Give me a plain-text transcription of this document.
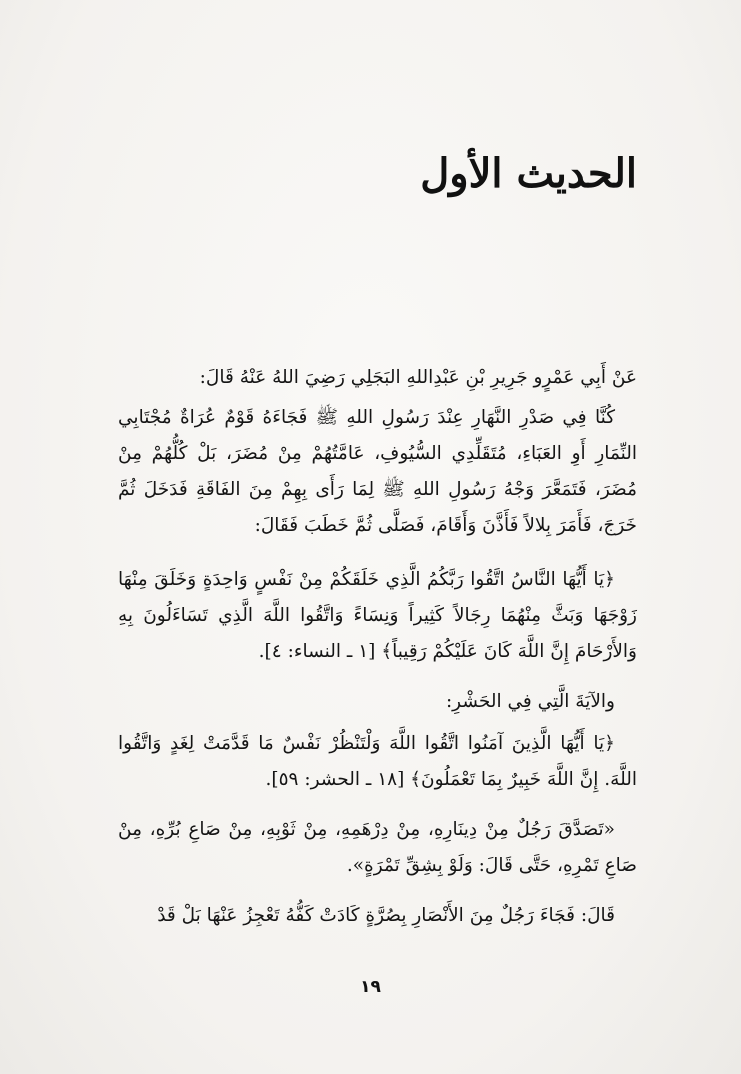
الحديث الأول

عَنْ أَبِي عَمْرٍو جَرِيرِ بْنِ عَبْدِاللهِ البَجَلِي رَضِيَ اللهُ عَنْهُ قَالَ:

كُنَّا فِي صَدْرِ النَّهَارِ عِنْدَ رَسُولِ اللهِ ﷺ فَجَاءَهُ قَوْمٌ عُرَاةٌ مُجْتَابِي النِّمَارِ أَوِ العَبَاءِ، مُتَقَلِّدِي السُّيُوفِ، عَامَّتُهُمْ مِنْ مُضَرَ، بَلْ كُلُّهُمْ مِنْ مُضَرَ، فَتَمَعَّرَ وَجْهُ رَسُولِ اللهِ ﷺ لِمَا رَأَى بِهِمْ مِنَ الفَاقَةِ فَدَخَلَ ثُمَّ خَرَجَ، فَأَمَرَ بِلالاً فَأَذَّنَ وَأَقَامَ، فَصَلَّى ثُمَّ خَطَبَ فَقَالَ:

﴿يَا أَيُّهَا النَّاسُ اتَّقُوا رَبَّكُمُ الَّذِي خَلَقَكُمْ مِنْ نَفْسٍ وَاحِدَةٍ وَخَلَقَ مِنْهَا زَوْجَهَا وَبَثَّ مِنْهُمَا رِجَالاً كَثِيراً وَنِسَاءً وَاتَّقُوا اللَّهَ الَّذِي تَسَاءَلُونَ بِهِ وَالأَرْحَامَ إِنَّ اللَّهَ كَانَ عَلَيْكُمْ رَقِيباً﴾ [١ ـ النساء: ٤].

والآيَةَ الَّتِي فِي الحَشْرِ:

﴿يَا أَيُّهَا الَّذِينَ آمَنُوا اتَّقُوا اللَّهَ وَلْتَنْظُرْ نَفْسٌ مَا قَدَّمَتْ لِغَدٍ وَاتَّقُوا اللَّهَ. إِنَّ اللَّهَ خَبِيرٌ بِمَا تَعْمَلُونَ﴾ [١٨ ـ الحشر: ٥٩].

«تَصَدَّقَ رَجُلٌ مِنْ دِينَارِهِ، مِنْ دِرْهَمِهِ، مِنْ ثَوْبِهِ، مِنْ صَاعِ بُرِّهِ، مِنْ صَاعِ تَمْرِهِ، حَتَّى قَالَ: وَلَوْ بِشِقِّ تَمْرَةٍ».

قَالَ: فَجَاءَ رَجُلٌ مِنَ الأَنْصَارِ بِصُرَّةٍ كَادَتْ كَفُّهُ تَعْجِزُ عَنْهَا بَلْ قَدْ

١٩
